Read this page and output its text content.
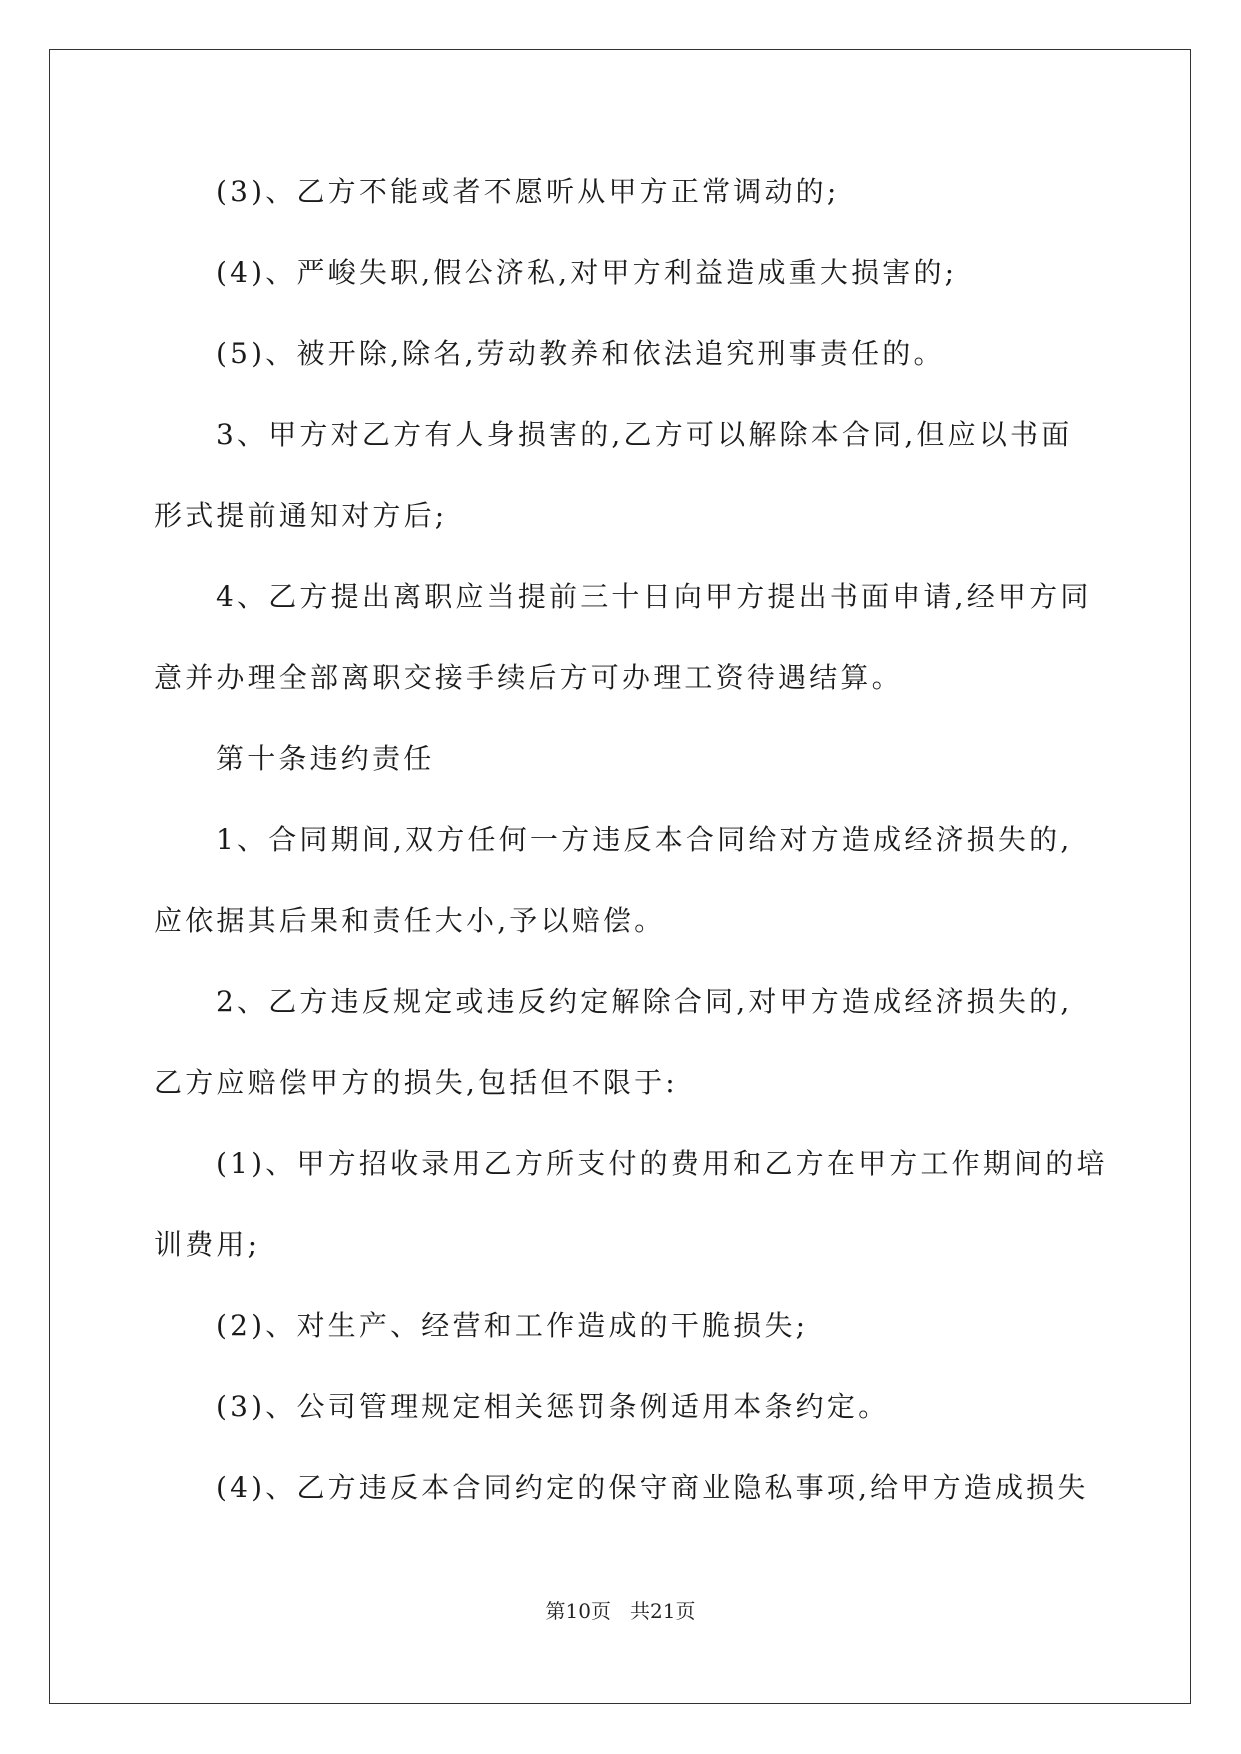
(3)、乙方不能或者不愿听从甲方正常调动的;
(4)、严峻失职,假公济私,对甲方利益造成重大损害的;
(5)、被开除,除名,劳动教养和依法追究刑事责任的。
3、甲方对乙方有人身损害的,乙方可以解除本合同,但应以书面
形式提前通知对方后;
4、乙方提出离职应当提前三十日向甲方提出书面申请,经甲方同
意并办理全部离职交接手续后方可办理工资待遇结算。
第十条违约责任
1、合同期间,双方任何一方违反本合同给对方造成经济损失的,
应依据其后果和责任大小,予以赔偿。
2、乙方违反规定或违反约定解除合同,对甲方造成经济损失的,
乙方应赔偿甲方的损失,包括但不限于:
(1)、甲方招收录用乙方所支付的费用和乙方在甲方工作期间的培
训费用;
(2)、对生产、经营和工作造成的干脆损失;
(3)、公司管理规定相关惩罚条例适用本条约定。
(4)、乙方违反本合同约定的保守商业隐私事项,给甲方造成损失
第10页 共21页
